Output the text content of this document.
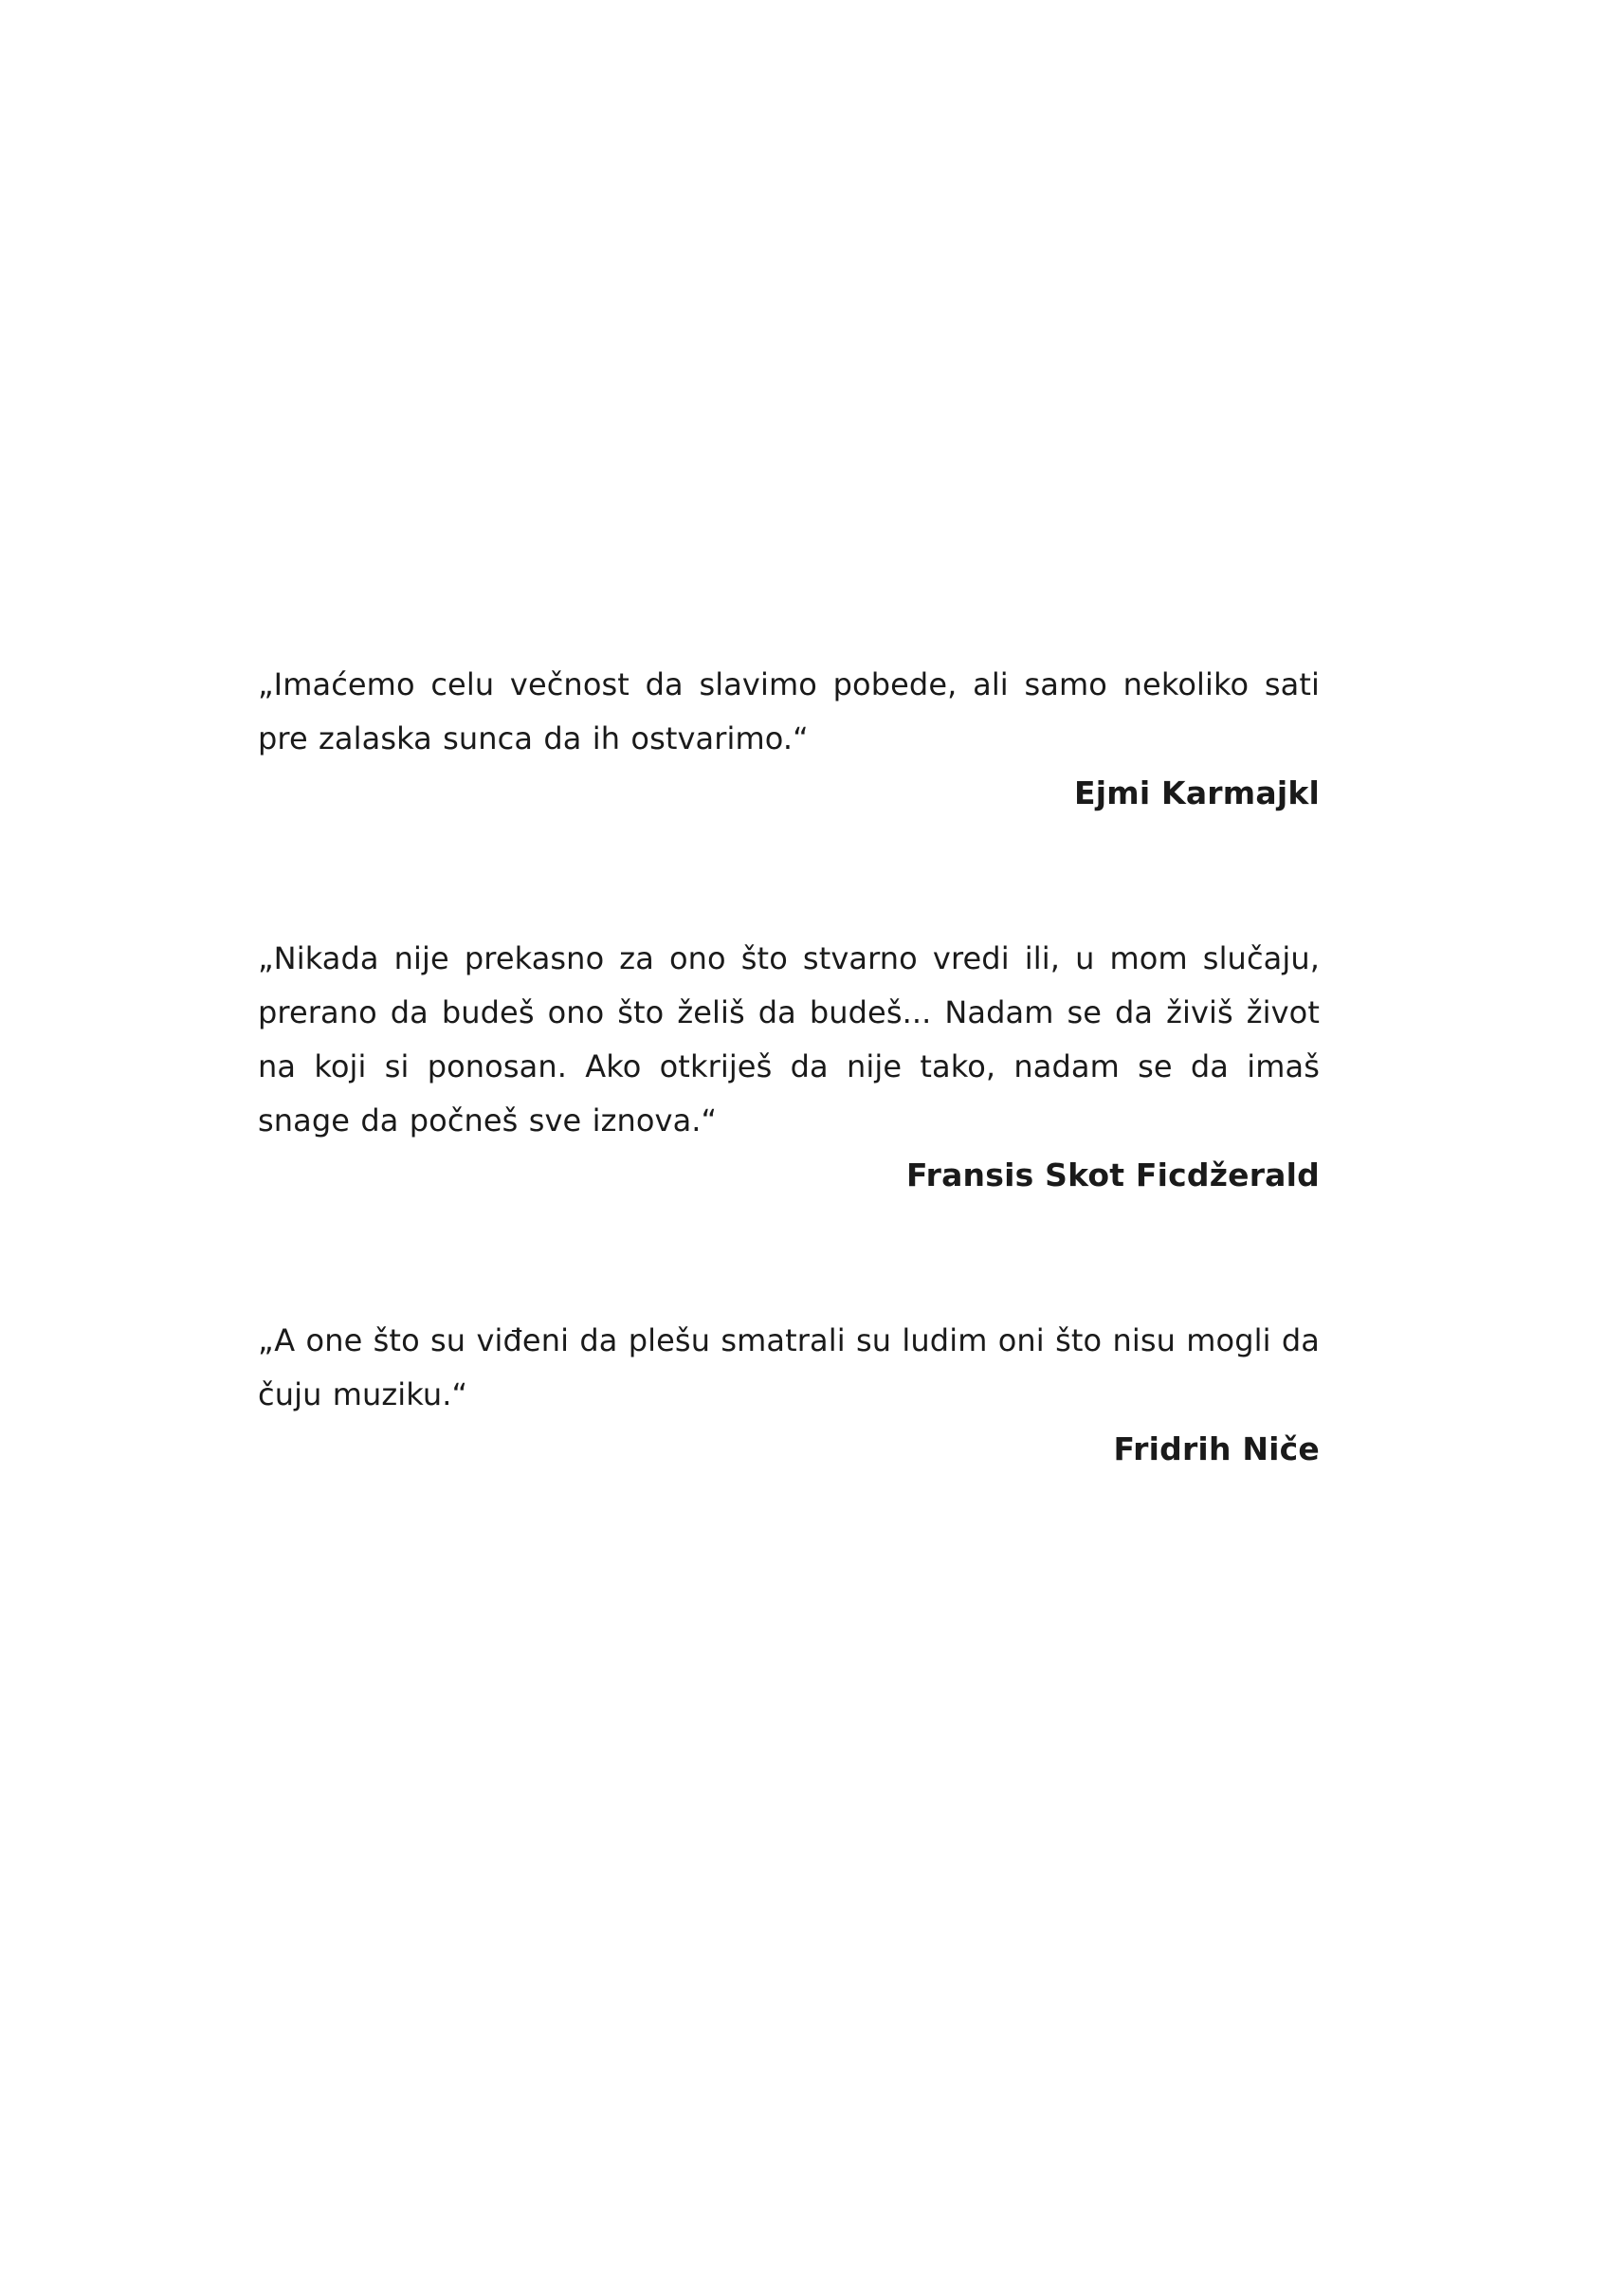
„Imaćemo celu večnost da slavimo pobede, ali samo nekoliko sati pre zalaska sunca da ih ostvarimo.“

Ejmi Karmajkl

„Nikada nije prekasno za ono što stvarno vredi ili, u mom slučaju, prerano da budeš ono što želiš da budeš... Nadam se da živiš život na koji si ponosan. Ako otkriješ da nije tako, nadam se da imaš snage da počneš sve iznova.“

Fransis Skot Ficdžerald

„A one što su viđeni da plešu smatrali su ludim oni što nisu mogli da čuju muziku.“

Fridrih Niče
